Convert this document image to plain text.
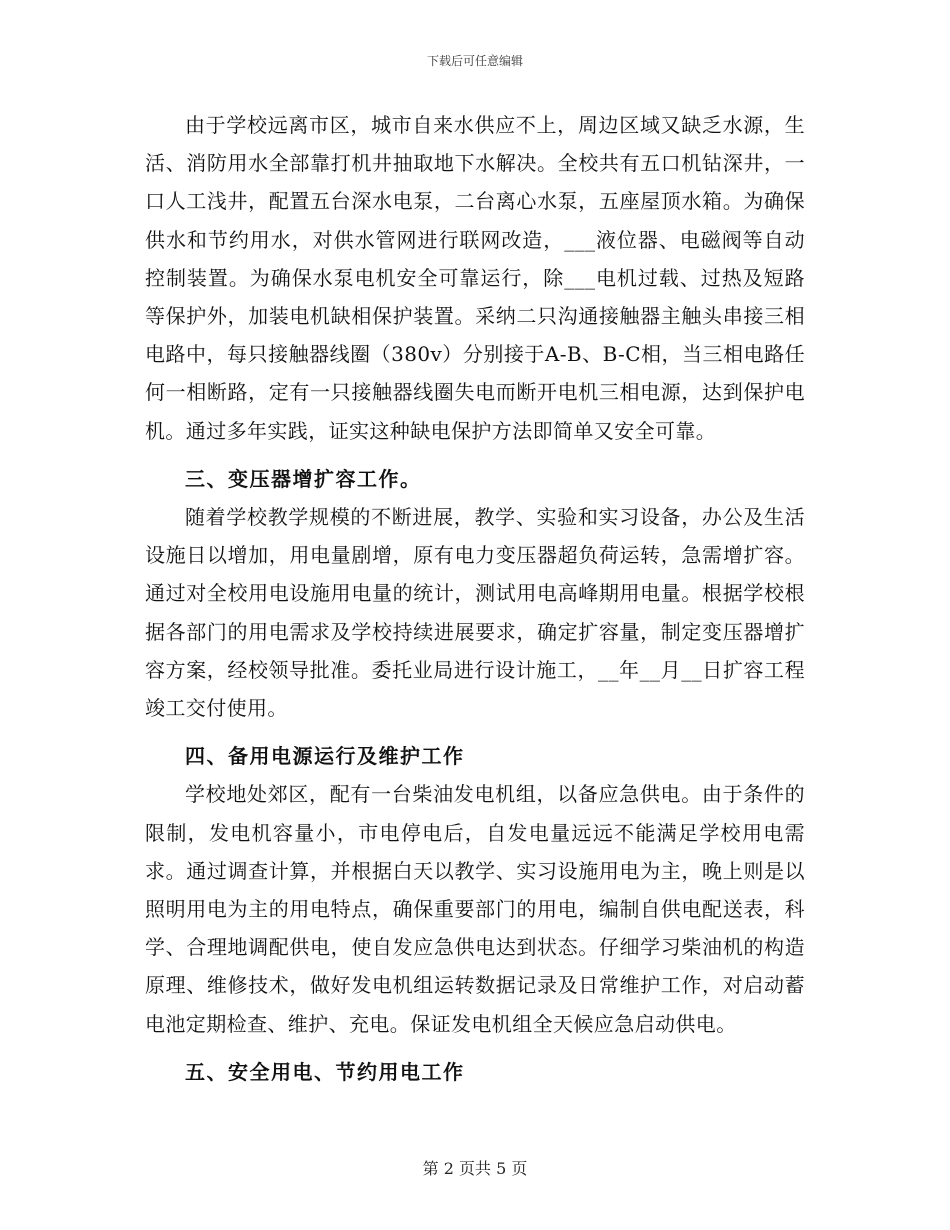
下载后可任意编辑

由于学校远离市区，城市自来水供应不上，周边区域又缺乏水源，生活、消防用水全部靠打机井抽取地下水解决。全校共有五口机钻深井，一口人工浅井，配置五台深水电泵，二台离心水泵，五座屋顶水箱。为确保供水和节约用水，对供水管网进行联网改造，___液位器、电磁阀等自动控制装置。为确保水泵电机安全可靠运行，除___电机过载、过热及短路等保护外，加装电机缺相保护装置。采纳二只沟通接触器主触头串接三相电路中，每只接触器线圈（380v）分别接于A-B、B-C相，当三相电路任何一相断路，定有一只接触器线圈失电而断开电机三相电源，达到保护电机。通过多年实践，证实这种缺电保护方法即简单又安全可靠。

三、变压器增扩容工作。

随着学校教学规模的不断进展，教学、实验和实习设备，办公及生活设施日以增加，用电量剧增，原有电力变压器超负荷运转，急需增扩容。通过对全校用电设施用电量的统计，测试用电高峰期用电量。根据学校根据各部门的用电需求及学校持续进展要求，确定扩容量，制定变压器增扩容方案，经校领导批准。委托业局进行设计施工，__年__月__日扩容工程竣工交付使用。

四、备用电源运行及维护工作

学校地处郊区，配有一台柴油发电机组，以备应急供电。由于条件的限制，发电机容量小，市电停电后，自发电量远远不能满足学校用电需求。通过调查计算，并根据白天以教学、实习设施用电为主，晚上则是以照明用电为主的用电特点，确保重要部门的用电，编制自供电配送表，科学、合理地调配供电，使自发应急供电达到状态。仔细学习柴油机的构造原理、维修技术，做好发电机组运转数据记录及日常维护工作，对启动蓄电池定期检查、维护、充电。保证发电机组全天候应急启动供电。

五、安全用电、节约用电工作

第 2 页共 5 页
